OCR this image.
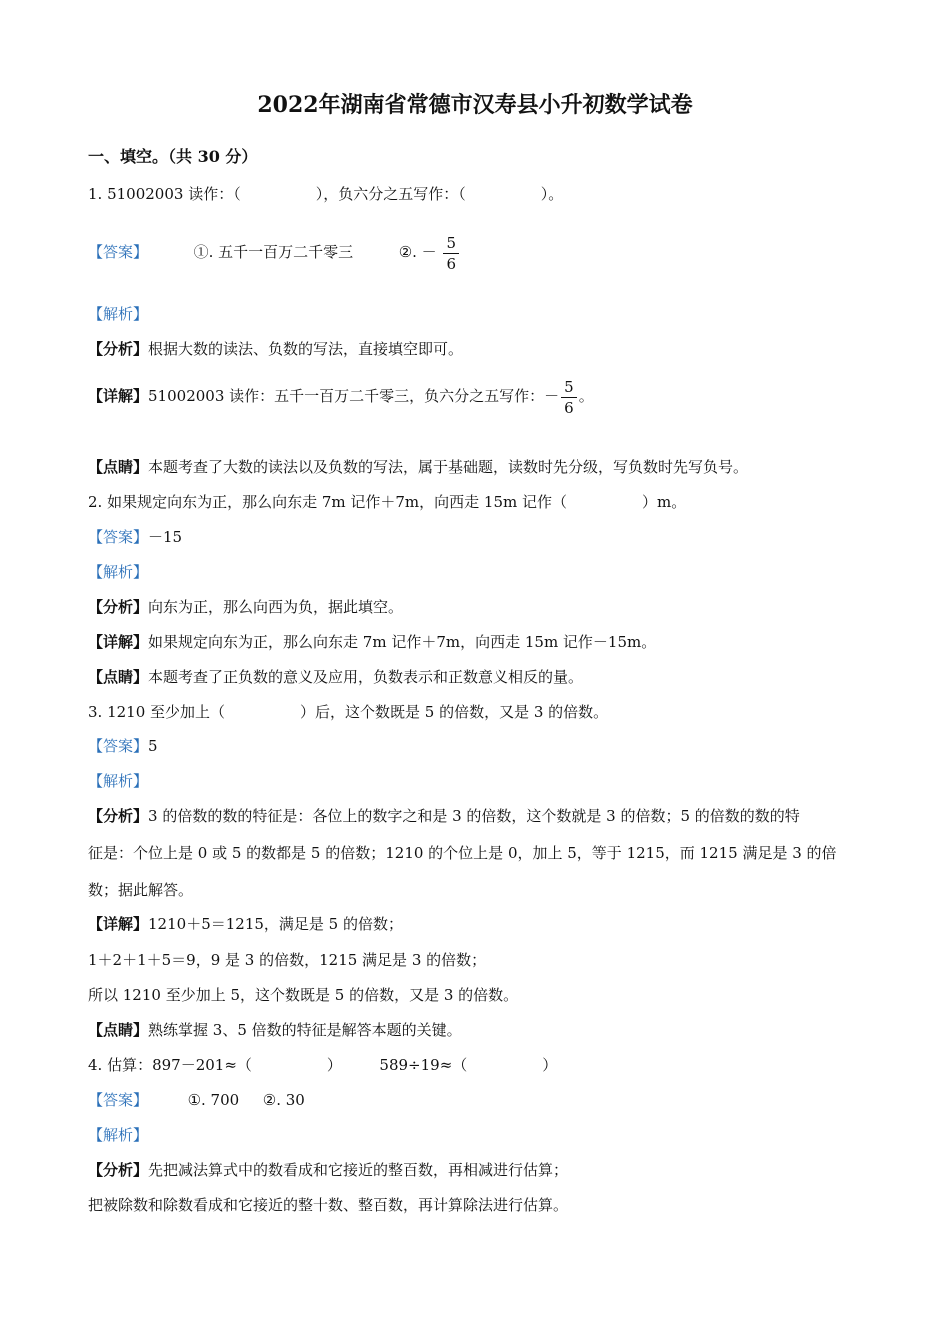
2022年湖南省常德市汉寿县小升初数学试卷
一、填空。（共 30 分）
1. 51002003 读作：（　　　　　），负六分之五写作：（　　　　　）。
【答案】	①. 五千一百万二千零三	②. － $\frac{5}{6}$
【解析】
【分析】根据大数的读法、负数的写法，直接填空即可。
【详解】51002003 读作：五千一百万二千零三，负六分之五写作：－ $\frac{5}{6}$ 。
【点睛】本题考查了大数的读法以及负数的写法，属于基础题，读数时先分级，写负数时先写负号。
2. 如果规定向东为正，那么向东走 7m 记作＋7m，向西走 15m 记作（　　　　　）m。
【答案】－15
【解析】
【分析】向东为正，那么向西为负，据此填空。
【详解】如果规定向东为正，那么向东走 7m 记作＋7m，向西走 15m 记作－15m。
【点睛】本题考查了正负数的意义及应用，负数表示和正数意义相反的量。
3. 1210 至少加上（　　　　　）后，这个数既是 5 的倍数，又是 3 的倍数。
【答案】5
【解析】
【分析】3 的倍数的数的特征是：各位上的数字之和是 3 的倍数，这个数就是 3 的倍数；5 的倍数的数的特
征是：个位上是 0 或 5 的数都是 5 的倍数；1210 的个位上是 0，加上 5，等于 1215，而 1215 满足是 3 的倍
数；据此解答。
【详解】1210＋5＝1215，满足是 5 的倍数；
1＋2＋1＋5＝9，9 是 3 的倍数，1215 满足是 3 的倍数；
所以 1210 至少加上 5，这个数既是 5 的倍数，又是 3 的倍数。
【点睛】熟练掌握 3、5 倍数的特征是解答本题的关键。
4. 估算：897－201≈（　　　　　）　　　589÷19≈（　　　　　）
【答案】	①. 700 ②. 30
【解析】
【分析】先把减法算式中的数看成和它接近的整百数，再相减进行估算；
把被除数和除数看成和它接近的整十数、整百数，再计算除法进行估算。
